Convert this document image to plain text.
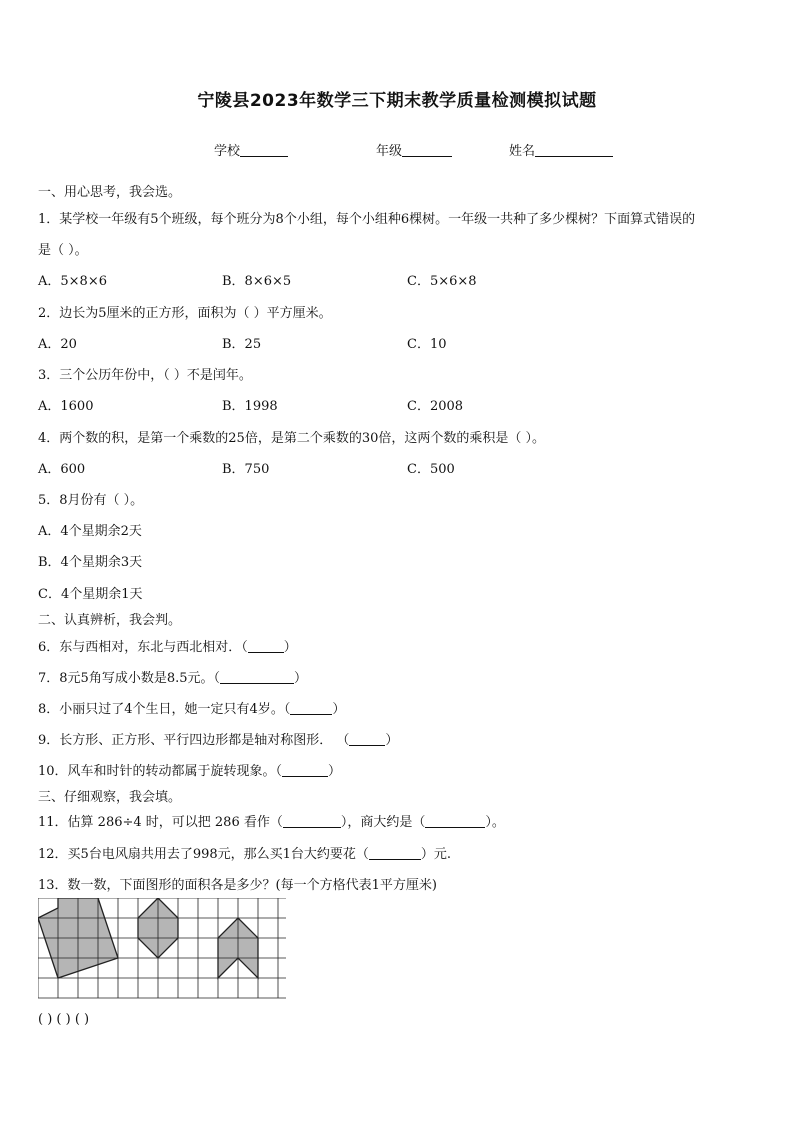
宁陵县2023年数学三下期末教学质量检测模拟试题
学校	年级	姓名
一、用心思考，我会选。
1．某学校一年级有5个班级，每个班分为8个小组，每个小组种6棵树。一年级一共种了多少棵树？下面算式错误的
是（ ）。
A．5×8×6	B．8×6×5	C．5×6×8
2．边长为5厘米的正方形，面积为（ ）平方厘米。
A．20	B．25	C．10
3．三个公历年份中，（ ）不是闰年。
A．1600	B．1998	C．2008
4．两个数的积，是第一个乘数的25倍，是第二个乘数的30倍，这两个数的乘积是（ ）。
A．600	B．750	C．500
5．8月份有（ ）。
A．4个星期余2天
B．4个星期余3天
C．4个星期余1天
二、认真辨析，我会判。
6．东与西相对，东北与西北相对．（	）
7．8元5角写成小数是8.5元。（	）
8．小丽只过了4个生日，她一定只有4岁。（	）
9．长方形、正方形、平行四边形都是轴对称图形． （	）
10．风车和时针的转动都属于旋转现象。（	）
三、仔细观察，我会填。
11．估算 286÷4 时，可以把 286 看作（	），商大约是（	）。
12．买5台电风扇共用去了998元，那么买1台大约要花（	）元.
13．数一数，下面图形的面积各是多少？(每一个方格代表1平方厘米)
( ) ( ) ( )
